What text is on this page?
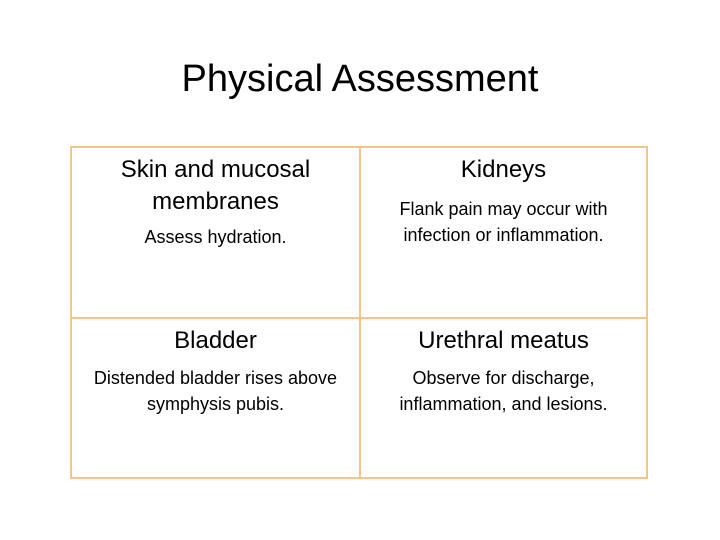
Physical Assessment
Skin and mucosal membranes
Assess hydration.
Kidneys
Flank pain may occur with infection or inflammation.
Bladder
Distended bladder rises above symphysis pubis.
Urethral meatus
Observe for discharge, inflammation, and lesions.
